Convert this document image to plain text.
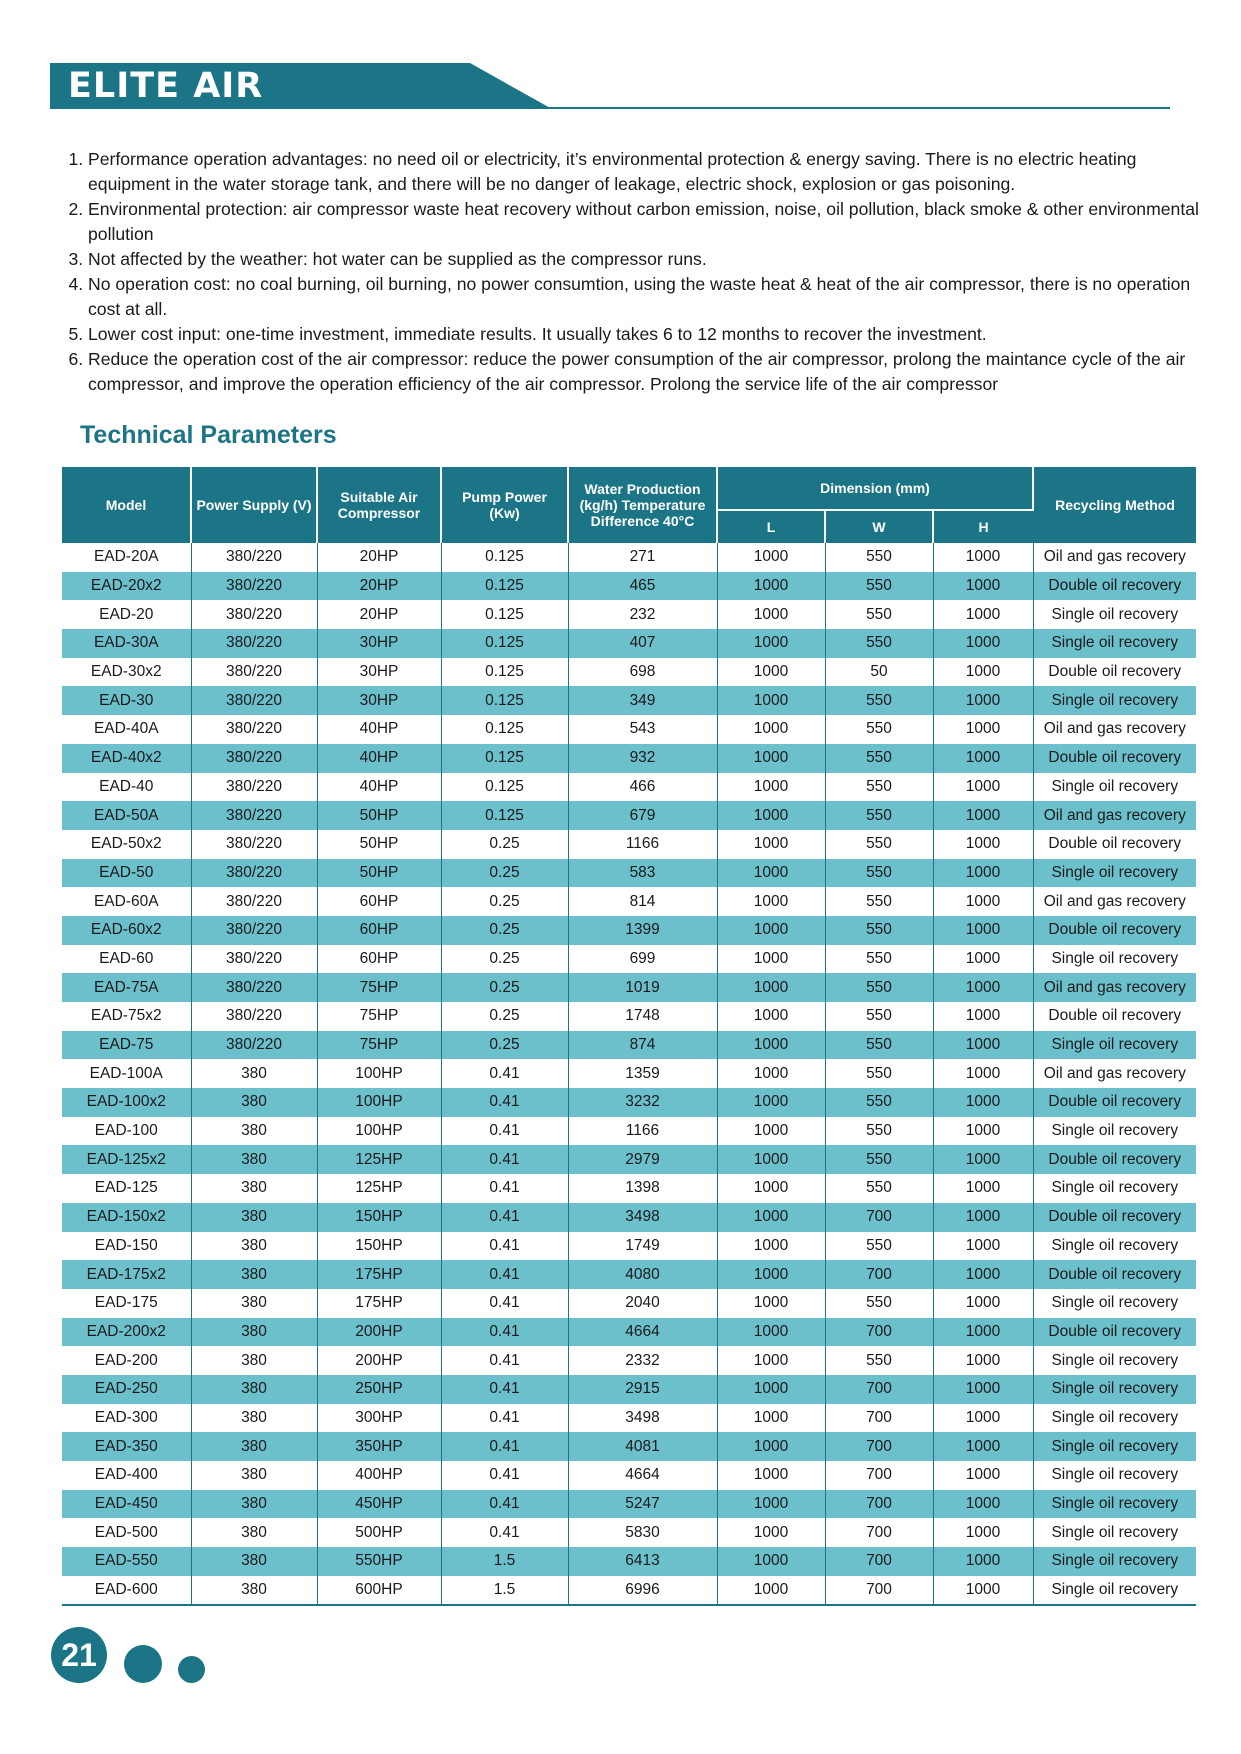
ELITE AIR
1. Performance operation advantages: no need oil or electricity, it’s environmental protection & energy saving. There is no electric heating equipment in the water storage tank, and there will be no danger of leakage, electric shock, explosion or gas poisoning.
2. Environmental protection: air compressor waste heat recovery without carbon emission, noise, oil pollution, black smoke & other environmental pollution
3. Not affected by the weather: hot water can be supplied as the compressor runs.
4. No operation cost: no coal burning, oil burning, no power consumtion, using the waste heat & heat of the air compressor, there is no operation cost at all.
5. Lower cost input: one-time investment, immediate results. It usually takes 6 to 12 months to recover the investment.
6. Reduce the operation cost of the air compressor: reduce the power consumption of the air compressor, prolong the maintance cycle of the air compressor, and improve the operation efficiency of the air compressor. Prolong the service life of the air compressor
Technical Parameters
Model	Power Supply (V)	Suitable Air Compressor	Pump Power (Kw)	Water Production (kg/h) Temperature Difference 40°C	Dimension (mm)			Recycling Method
					L	W	H	
EAD-20A	380/220	20HP	0.125	271	1000	550	1000	Oil and gas recovery
EAD-20x2	380/220	20HP	0.125	465	1000	550	1000	Double oil recovery
EAD-20	380/220	20HP	0.125	232	1000	550	1000	Single oil recovery
EAD-30A	380/220	30HP	0.125	407	1000	550	1000	Single oil recovery
EAD-30x2	380/220	30HP	0.125	698	1000	50	1000	Double oil recovery
EAD-30	380/220	30HP	0.125	349	1000	550	1000	Single oil recovery
EAD-40A	380/220	40HP	0.125	543	1000	550	1000	Oil and gas recovery
EAD-40x2	380/220	40HP	0.125	932	1000	550	1000	Double oil recovery
EAD-40	380/220	40HP	0.125	466	1000	550	1000	Single oil recovery
EAD-50A	380/220	50HP	0.125	679	1000	550	1000	Oil and gas recovery
EAD-50x2	380/220	50HP	0.25	1166	1000	550	1000	Double oil recovery
EAD-50	380/220	50HP	0.25	583	1000	550	1000	Single oil recovery
EAD-60A	380/220	60HP	0.25	814	1000	550	1000	Oil and gas recovery
EAD-60x2	380/220	60HP	0.25	1399	1000	550	1000	Double oil recovery
EAD-60	380/220	60HP	0.25	699	1000	550	1000	Single oil recovery
EAD-75A	380/220	75HP	0.25	1019	1000	550	1000	Oil and gas recovery
EAD-75x2	380/220	75HP	0.25	1748	1000	550	1000	Double oil recovery
EAD-75	380/220	75HP	0.25	874	1000	550	1000	Single oil recovery
EAD-100A	380	100HP	0.41	1359	1000	550	1000	Oil and gas recovery
EAD-100x2	380	100HP	0.41	3232	1000	550	1000	Double oil recovery
EAD-100	380	100HP	0.41	1166	1000	550	1000	Single oil recovery
EAD-125x2	380	125HP	0.41	2979	1000	550	1000	Double oil recovery
EAD-125	380	125HP	0.41	1398	1000	550	1000	Single oil recovery
EAD-150x2	380	150HP	0.41	3498	1000	700	1000	Double oil recovery
EAD-150	380	150HP	0.41	1749	1000	550	1000	Single oil recovery
EAD-175x2	380	175HP	0.41	4080	1000	700	1000	Double oil recovery
EAD-175	380	175HP	0.41	2040	1000	550	1000	Single oil recovery
EAD-200x2	380	200HP	0.41	4664	1000	700	1000	Double oil recovery
EAD-200	380	200HP	0.41	2332	1000	550	1000	Single oil recovery
EAD-250	380	250HP	0.41	2915	1000	700	1000	Single oil recovery
EAD-300	380	300HP	0.41	3498	1000	700	1000	Single oil recovery
EAD-350	380	350HP	0.41	4081	1000	700	1000	Single oil recovery
EAD-400	380	400HP	0.41	4664	1000	700	1000	Single oil recovery
EAD-450	380	450HP	0.41	5247	1000	700	1000	Single oil recovery
EAD-500	380	500HP	0.41	5830	1000	700	1000	Single oil recovery
EAD-550	380	550HP	1.5	6413	1000	700	1000	Single oil recovery
EAD-600	380	600HP	1.5	6996	1000	700	1000	Single oil recovery
21
